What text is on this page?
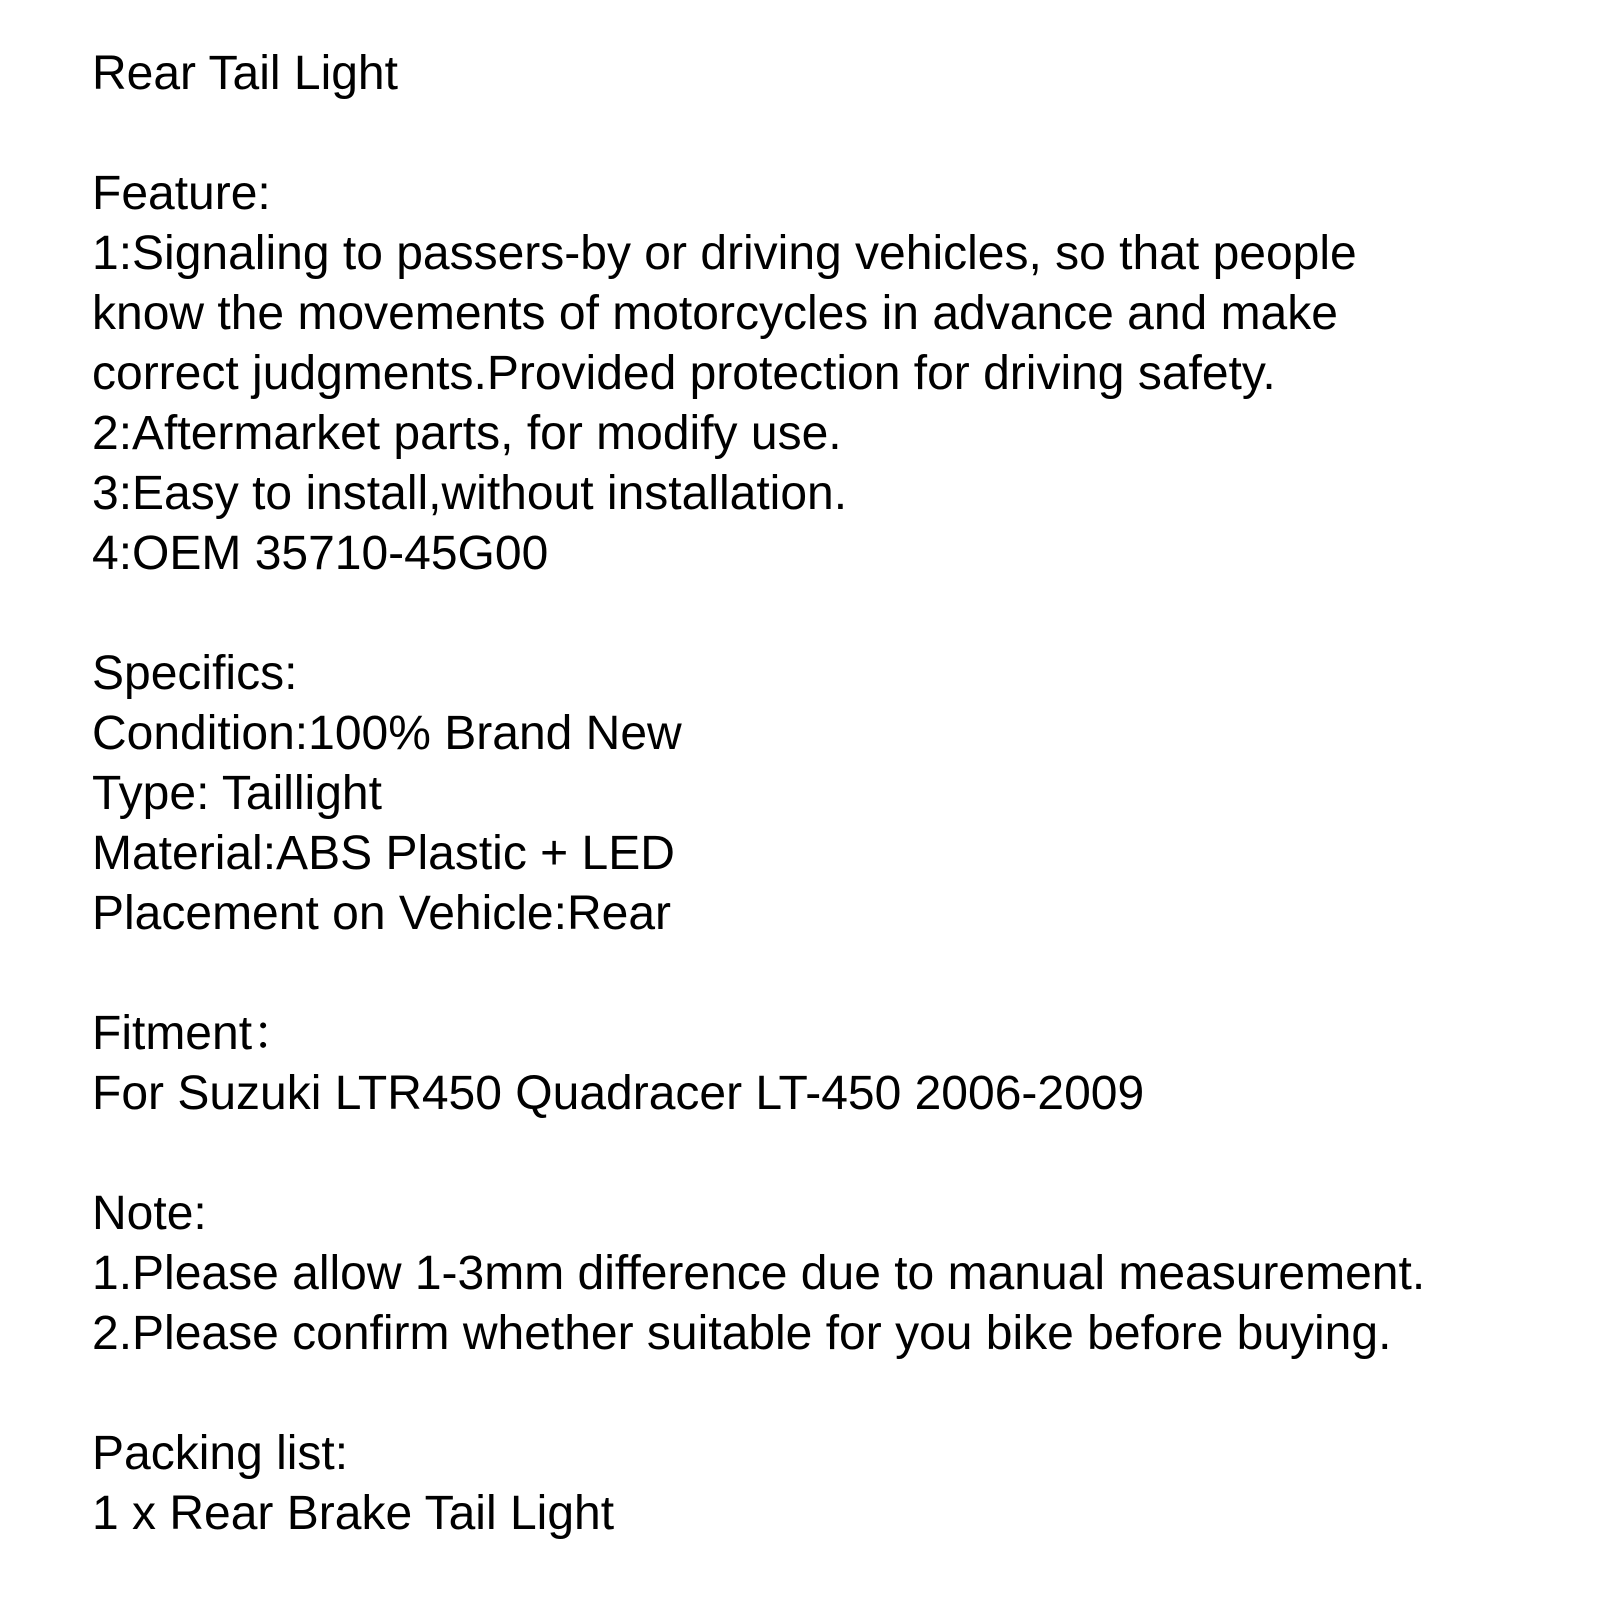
Rear Tail Light
Feature:
1:Signaling to passers-by or driving vehicles, so that people
know the movements of motorcycles in advance and make
correct judgments.Provided protection for driving safety.
2:Aftermarket parts, for modify use.
3:Easy to install,without installation.
4:OEM 35710-45G00
Specifics:
Condition:100% Brand New
Type: Taillight
Material:ABS Plastic + LED
Placement on Vehicle:Rear
Fitment：
For Suzuki LTR450 Quadracer LT-450 2006-2009
Note:
1.Please allow 1-3mm difference due to manual measurement.
2.Please confirm whether suitable for you bike before buying.
Packing list:
1 x Rear Brake Tail Light
